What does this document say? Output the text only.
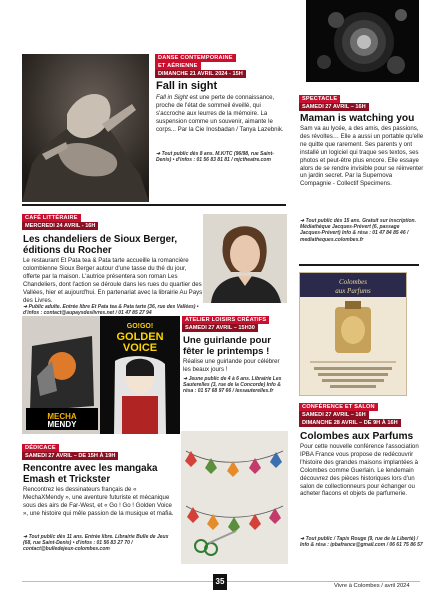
DANSE CONTEMPORAINE
ET AÉRIENNE
DIMANCHE 21 AVRIL 2024 - 15H
Fall in sight
Fall in Sight est une perte de connaissance, proche de l'état de sommeil éveillé, qui s'accroche aux leurres de la mémoire. La suspension comme un souvenir, aimante le corps... Par la Cie Inosbadan / Tanya Lazebnik.
➜ Tout public dès 8 ans. M.K/TC (96/98, rue Saint-Denis) • d'infos : 01 56 83 81 81 / mjctheatre.com
SPECTACLE
SAMEDI 27 AVRIL – 16H
Maman is watching you
Sam va au lycée, a des amis, des passions, des révoltes… Elle a aussi un portable qu'elle ne quitte que rarement. Ses parents y ont installé un logiciel qui traque ses textos, ses photos et peut-être plus encore. Elle essaye alors de se rendre invisible pour se réinventer un jardin secret. Par la Supernova Compagnie - Collectif Specimens.
➜ Tout public dès 15 ans. Gratuit sur inscription. Médiathèque Jacques-Prévert (6, passage Jacques-Prévert) Info & résa : 01 47 84 85 46 / mediatheques.colombes.fr
CAFÉ LITTÉRAIRE
MERCREDI 24 AVRIL - 16H
Les chandeliers de Sioux Berger, éditions du Rocher
Le restaurant Et Pata tea & Pata tarte accueille la romancière colombienne Sioux Berger autour d'une tasse du thé du jour, offerte par la maison. L'autrice présentera son roman Les Chandeliers, dont l'action se déroule dans les rues du quartier des Vallées, hier et aujourd'hui. En partenariat avec la librairie Au Pays des Livres.
➜ Public adulte. Entrée libre Et Pata tea & Pata tarte (36, rue des Vallées) • d'infos : contact@aupaysdeslivres.net / 01 47 85 27 94
MECHA
MENDY
GO!GO!
GOLDEN
VOICE
DÉDICACE
SAMEDI 27 AVRIL – DE 15H À 19H
Rencontre avec les mangaka Emash et Trickster
Rencontrez les dessinateurs français de « MechaXMendy », une aventure futuriste et mécanique sous des airs de Far-West, et « Go ! Go ! Golden Voice », une histoire qui mêle passion de la musique et mafia.
➜ Tout public dès 11 ans. Entrée libre. Librairie Bulle de Jeux (68, rue Saint-Denis) • d'infos : 01 56 83 27 70 / contact@bulledejeux-colombes.com
ATELIER LOISIRS CRÉATIFS
SAMEDI 27 AVRIL – 15H30
Une guirlande pour fêter le printemps !
Réalise une guirlande pour célébrer les beaux jours !
➜ Jeune public de 4 à 6 ans. Librairie Les Sauterelles (3, rue de la Concorde) Info & résa : 01 57 68 97 66 / lessauterelles.fr
Colombes
aux Parfums
CONFÉRENCE ET SALON
SAMEDI 27 AVRIL – 16H
DIMANCHE 28 AVRIL – DE 9H À 16H
Colombes aux Parfums
Pour cette nouvelle conférence l'association IPBA France vous propose de redécouvrir l'histoire des grandes maisons implantées à Colombes comme Guerlain. Le lendemain découvrez des pièces historiques lors d'un salon de collectionneurs pour échanger ou acheter flacons et objets de parfumerie.
➜ Tout public / Tapis Rouge (9, rue de la Liberté) / Info & résa : ipbafrance@gmail.com / 06 61 75 86 57
35	Vivre à Colombes / avril 2024
